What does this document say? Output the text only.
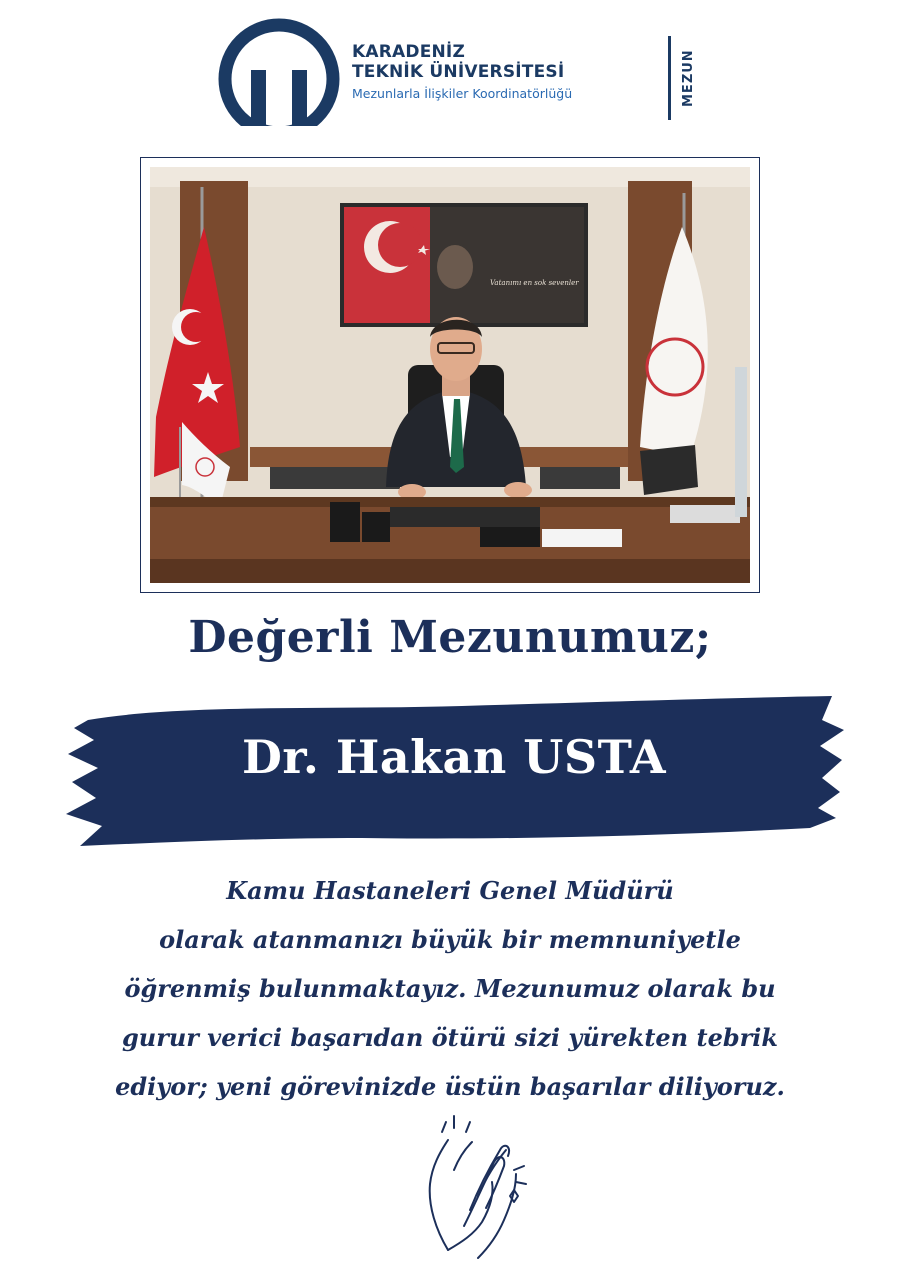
KARADENİZ
TEKNİK ÜNİVERSİTESİ
Mezunlarla İlişkiler Koordinatörlüğü	MEZUN
Vatanımı en sok sevenler
Değerli Mezunumuz;
Dr. Hakan USTA
Kamu Hastaneleri Genel Müdürü
olarak atanmanızı büyük bir memnuniyetle
öğrenmiş bulunmaktayız. Mezunumuz olarak bu
gurur verici başarıdan ötürü sizi yürekten tebrik
ediyor; yeni görevinizde üstün başarılar diliyoruz.
